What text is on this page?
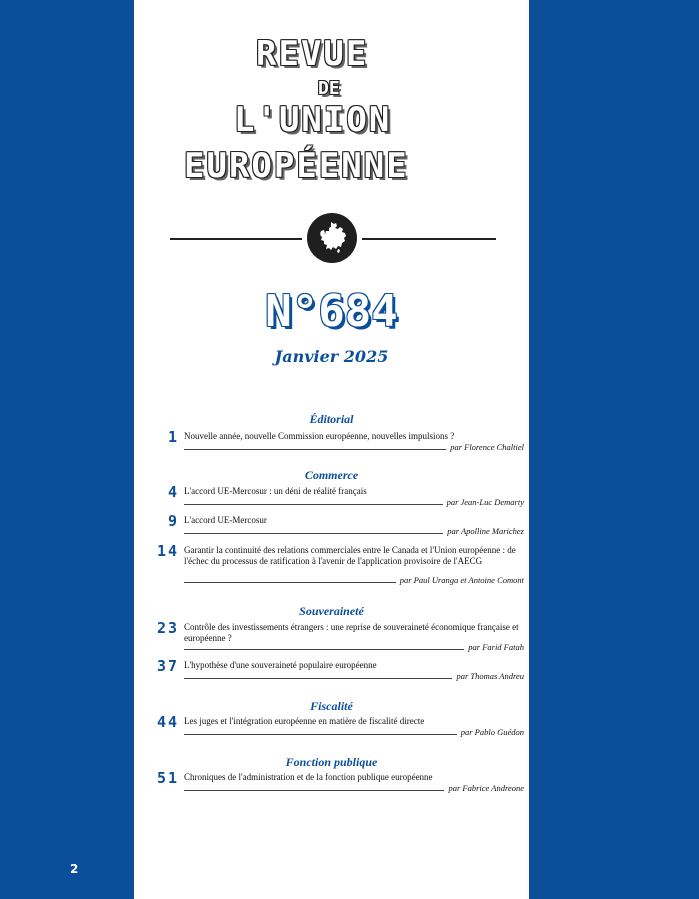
2
REVUE
DE
L'UNION
EUROPÉENNE
N°684
Janvier 2025
Éditorial
1 Nouvelle année, nouvelle Commission européenne, nouvelles impulsions ?
par Florence Chaltiel
Commerce
4 L'accord UE-Mercosur : un déni de réalité français
par Jean-Luc Demarty
9 L'accord UE-Mercosur
par Apolline Marichez
14 Garantir la continuité des relations commerciales entre le Canada et l'Union européenne : de l'échec du processus de ratification à l'avenir de l'application provisoire de l'AECG
par Paul Uranga et Antoine Comont
Souveraineté
23 Contrôle des investissements étrangers : une reprise de souveraineté économique française et européenne ?
par Farid Fatah
37 L'hypothèse d'une souveraineté populaire européenne
par Thomas Andreu
Fiscalité
44 Les juges et l'intégration européenne en matière de fiscalité directe
par Pablo Guédon
Fonction publique
51 Chroniques de l'administration et de la fonction publique européenne
par Fabrice Andreone
